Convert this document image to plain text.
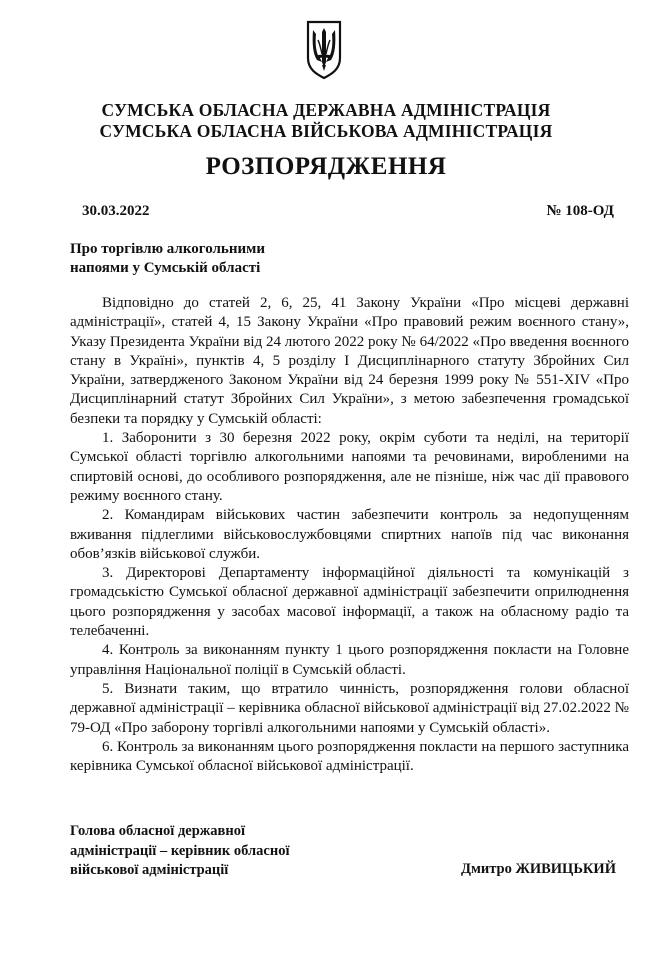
СУМСЬКА ОБЛАСНА ДЕРЖАВНА АДМІНІСТРАЦІЯ
СУМСЬКА ОБЛАСНА ВІЙСЬКОВА АДМІНІСТРАЦІЯ
РОЗПОРЯДЖЕННЯ
30.03.2022	№ 108-ОД
Про торгівлю алкогольними
напоями у Сумській області

Відповідно до статей 2, 6, 25, 41 Закону України «Про місцеві державні адміністрації», статей 4, 15 Закону України «Про правовий режим воєнного стану», Указу Президента України від 24 лютого 2022 року № 64/2022 «Про введення воєнного стану в Україні», пунктів 4, 5 розділу І Дисциплінарного статуту Збройних Сил України, затвердженого Законом України від 24 березня 1999 року № 551-XIV «Про Дисциплінарний статут Збройних Сил України», з метою забезпечення громадської безпеки та порядку у Сумській області:

1. Заборонити з 30 березня 2022 року, окрім суботи та неділі, на території Сумської області торгівлю алкогольними напоями та речовинами, виробленими на спиртовій основі, до особливого розпорядження, але не пізніше, ніж час дії правового режиму воєнного стану.

2. Командирам військових частин забезпечити контроль за недопущенням вживання підлеглими військовослужбовцями спиртних напоїв під час виконання обов’язків військової служби.

3. Директорові Департаменту інформаційної діяльності та комунікацій з громадськістю Сумської обласної державної адміністрації забезпечити оприлюднення цього розпорядження у засобах масової інформації, а також на обласному радіо та телебаченні.

4. Контроль за виконанням пункту 1 цього розпорядження покласти на Головне управління Національної поліції в Сумській області.

5. Визнати таким, що втратило чинність, розпорядження голови обласної державної адміністрації – керівника обласної військової адміністрації від 27.02.2022 № 79-ОД «Про заборону торгівлі алкогольними напоями у Сумській області».

6. Контроль за виконанням цього розпорядження покласти на першого заступника керівника Сумської обласної військової адміністрації.

Голова обласної державної
адміністрації – керівник обласної
військової адміністрації	Дмитро ЖИВИЦЬКИЙ
